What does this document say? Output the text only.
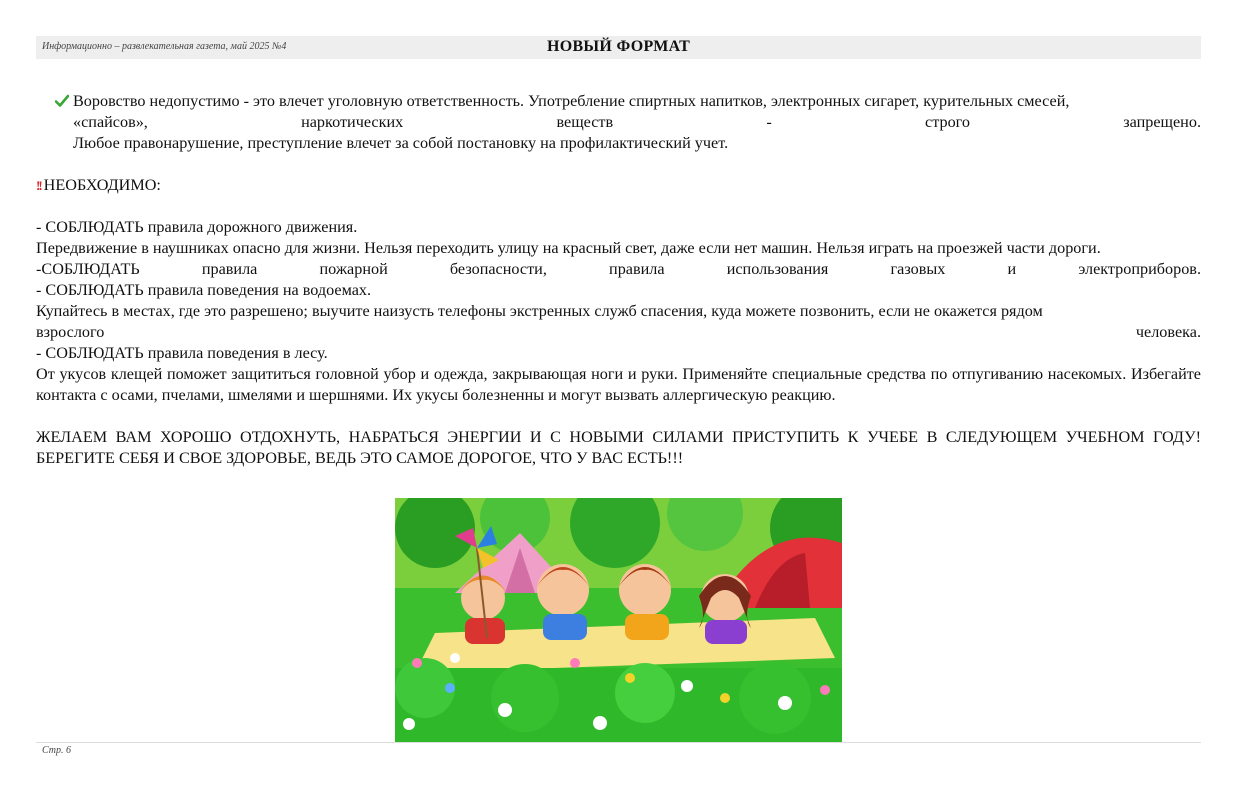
Информационно – развлекательная газета, май 2025 №4	НОВЫЙ ФОРМАТ

Воровство недопустимо - это влечет уголовную ответственность. Употребление спиртных напитков, электронных сигарет, курительных смесей,

«спайсов», наркотических веществ - строго запрещено.

Любое правонарушение, преступление влечет за собой постановку на профилактический учет.

!! НЕОБХОДИМО:

- СОБЛЮДАТЬ правила дорожного движения.

Передвижение в наушниках опасно для жизни. Нельзя переходить улицу на красный свет, даже если нет машин. Нельзя играть на проезжей части дороги.

-СОБЛЮДАТЬ правила пожарной безопасности, правила использования газовых и электроприборов.

- СОБЛЮДАТЬ правила поведения на водоемах.

Купайтесь в местах, где это разрешено; выучите наизусть телефоны экстренных служб спасения, куда можете позвонить, если не окажется рядом

взрослого человека.

- СОБЛЮДАТЬ правила поведения в лесу.

От укусов клещей поможет защититься головной убор и одежда, закрывающая ноги и руки. Применяйте специальные средства по отпугиванию насекомых. Избегайте контакта с осами, пчелами, шмелями и шершнями. Их укусы болезненны и могут вызвать аллергическую реакцию.

ЖЕЛАЕМ ВАМ ХОРОШО ОТДОХНУТЬ, НАБРАТЬСЯ ЭНЕРГИИ И С НОВЫМИ СИЛАМИ ПРИСТУПИТЬ К УЧЕБЕ В СЛЕДУЮЩЕМ УЧЕБНОМ ГОДУ! БЕРЕГИТЕ СЕБЯ И СВОЕ ЗДОРОВЬЕ, ВЕДЬ ЭТО САМОЕ ДОРОГОЕ, ЧТО У ВАС ЕСТЬ!!!

Стр. 6
